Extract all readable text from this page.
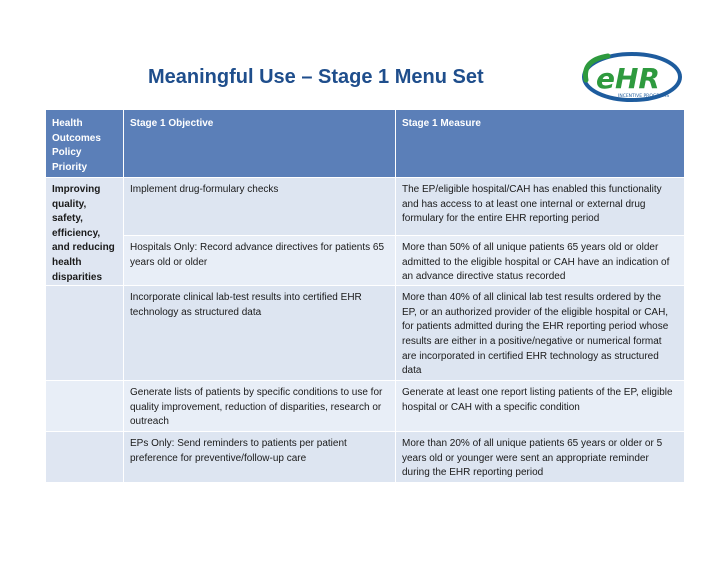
Meaningful Use – Stage 1 Menu Set	eHR
INCENTIVE PROGRAMS
Health Outcomes Policy Priority	Stage 1 Objective	Stage 1 Measure
Improving quality, safety, efficiency, and reducing health disparities	Implement drug-formulary checks	The EP/eligible hospital/CAH has enabled this functionality and has access to at least one internal or external drug formulary for the entire EHR reporting period
	Hospitals Only: Record advance directives for patients 65 years old or older	More than 50% of all unique patients 65 years old or older admitted to the eligible hospital or CAH have an indication of an advance directive status recorded
	Incorporate clinical lab-test results into certified EHR technology as structured data	More than 40% of all clinical lab test results ordered by the EP, or an authorized provider of the eligible hospital or CAH, for patients admitted during the EHR reporting period whose results are either in a positive/negative or numerical format are incorporated in certified EHR technology as structured data
	Generate lists of patients by specific conditions to use for quality improvement, reduction of disparities, research or outreach	Generate at least one report listing patients of the EP, eligible hospital or CAH with a specific condition
	EPs Only: Send reminders to patients per patient preference for preventive/follow-up care	More than 20% of all unique patients 65 years or older or 5 years old or younger were sent an appropriate reminder during the EHR reporting period
